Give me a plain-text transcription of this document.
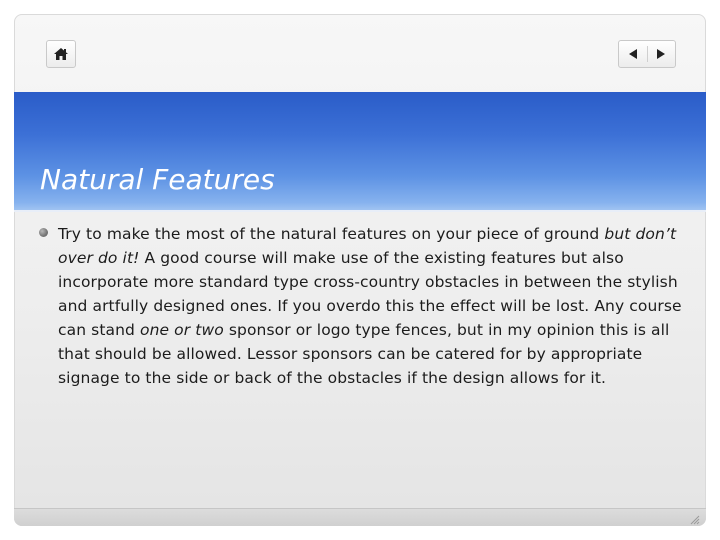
Natural Features

Try to make the most of the natural features on your piece of ground but don’t over do it! A good course will make use of the existing features but also incorporate more standard type cross-country obstacles in between the stylish and artfully designed ones. If you overdo this the effect will be lost. Any course can stand one or two sponsor or logo type fences, but in my opinion this is all that should be allowed. Lessor sponsors can be catered for by appropriate signage to the side or back of the obstacles if the design allows for it.
